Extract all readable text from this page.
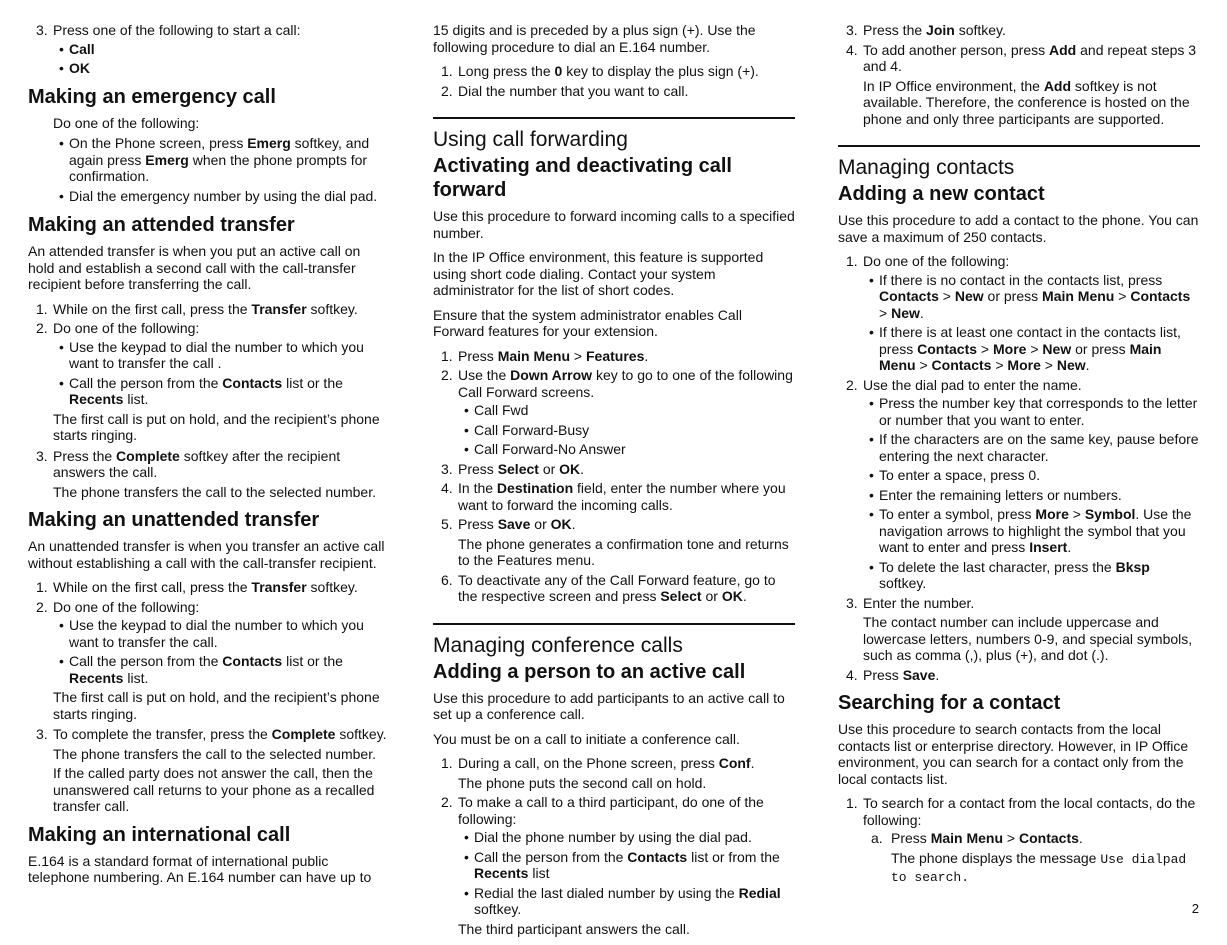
3. Press one of the following to start a call:
• Call
• OK
Making an emergency call

Do one of the following:

• On the Phone screen, press Emerg softkey, and again press Emerg when the phone prompts for confirmation.
• Dial the emergency number by using the dial pad.
Making an attended transfer

An attended transfer is when you put an active call on hold and establish a second call with the call-transfer recipient before transferring the call.

1. While on the first call, press the Transfer softkey.
2. Do one of the following:
• Use the keypad to dial the number to which you want to transfer the call .
• Call the person from the Contacts list or the Recents list.

The first call is put on hold, and the recipient’s phone starts ringing.

3. Press the Complete softkey after the recipient answers the call.

The phone transfers the call to the selected number.

Making an unattended transfer

An unattended transfer is when you transfer an active call without establishing a call with the call-transfer recipient.

1. While on the first call, press the Transfer softkey.
2. Do one of the following:
• Use the keypad to dial the number to which you want to transfer the call.
• Call the person from the Contacts list or the Recents list.

The first call is put on hold, and the recipient’s phone starts ringing.

3. To complete the transfer, press the Complete softkey.

The phone transfers the call to the selected number.

If the called party does not answer the call, then the unanswered call returns to your phone as a recalled transfer call.

Making an international call

E.164 is a standard format of international public telephone numbering. An E.164 number can have up to

15 digits and is preceded by a plus sign (+). Use the following procedure to dial an E.164 number.

1. Long press the 0 key to display the plus sign (+).
2. Dial the number that you want to call.
Using call forwarding
Activating and deactivating call forward

Use this procedure to forward incoming calls to a specified number.

In the IP Office environment, this feature is supported using short code dialing. Contact your system administrator for the list of short codes.

Ensure that the system administrator enables Call Forward features for your extension.

1. Press Main Menu > Features.
2. Use the Down Arrow key to go to one of the following Call Forward screens.
• Call Fwd
• Call Forward-Busy
• Call Forward-No Answer
3. Press Select or OK.
4. In the Destination field, enter the number where you want to forward the incoming calls.
5. Press Save or OK.

The phone generates a confirmation tone and returns to the Features menu.

6. To deactivate any of the Call Forward feature, go to the respective screen and press Select or OK.
Managing conference calls
Adding a person to an active call

Use this procedure to add participants to an active call to set up a conference call.

You must be on a call to initiate a conference call.

1. During a call, on the Phone screen, press Conf.

The phone puts the second call on hold.

2. To make a call to a third participant, do one of the following:
• Dial the phone number by using the dial pad.
• Call the person from the Contacts list or from the Recents list
• Redial the last dialed number by using the Redial softkey.

The third participant answers the call.

3. Press the Join softkey.
4. To add another person, press Add and repeat steps 3 and 4.

In IP Office environment, the Add softkey is not available. Therefore, the conference is hosted on the phone and only three participants are supported.

Managing contacts
Adding a new contact

Use this procedure to add a contact to the phone. You can save a maximum of 250 contacts.

1. Do one of the following:
• If there is no contact in the contacts list, press Contacts > New or press Main Menu > Contacts > New.
• If there is at least one contact in the contacts list, press Contacts > More > New or press Main Menu > Contacts > More > New.
2. Use the dial pad to enter the name.
• Press the number key that corresponds to the letter or number that you want to enter.
• If the characters are on the same key, pause before entering the next character.
• To enter a space, press 0.
• Enter the remaining letters or numbers.
• To enter a symbol, press More > Symbol. Use the navigation arrows to highlight the symbol that you want to enter and press Insert.
• To delete the last character, press the Bksp softkey.
3. Enter the number.

The contact number can include uppercase and lowercase letters, numbers 0-9, and special symbols, such as comma (,), plus (+), and dot (.).

4. Press Save.
Searching for a contact

Use this procedure to search contacts from the local contacts list or enterprise directory. However, in IP Office environment, you can search for a contact only from the local contacts list.

1. To search for a contact from the local contacts, do the following:
a. Press Main Menu > Contacts.

The phone displays the message Use dialpad to search.

2
